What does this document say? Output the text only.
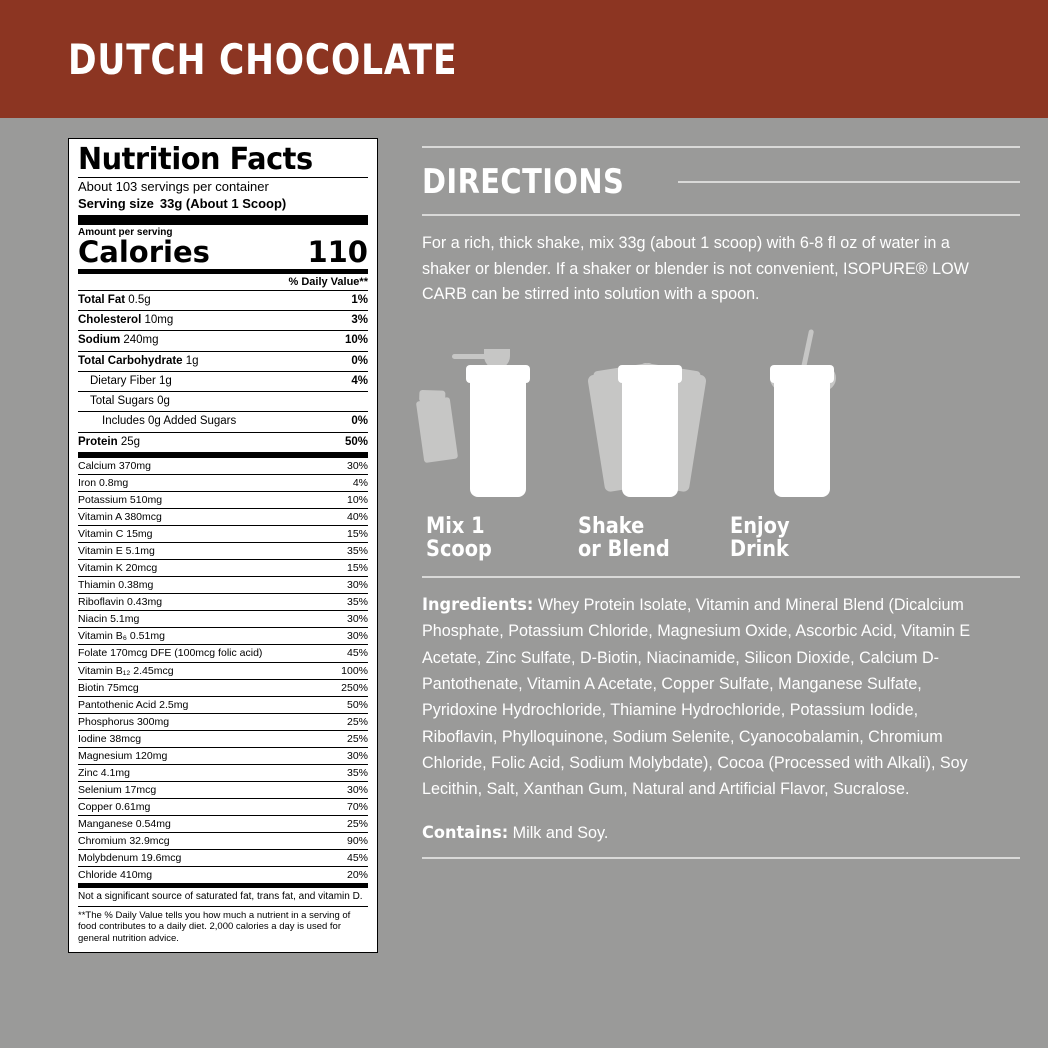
DUTCH CHOCOLATE
Nutrition Facts
About 103 servings per container
Serving size 33g (About 1 Scoop)
Amount per serving
Calories	110
% Daily Value**
Total Fat 0.5g	1%
Cholesterol 10mg	3%
Sodium 240mg	10%
Total Carbohydrate 1g	0%
Dietary Fiber 1g	4%
Total Sugars 0g
Includes 0g Added Sugars	0%
Protein 25g	50%
Calcium 370mg	30%
Iron 0.8mg	4%
Potassium 510mg	10%
Vitamin A 380mcg	40%
Vitamin C 15mg	15%
Vitamin E 5.1mg	35%
Vitamin K 20mcg	15%
Thiamin 0.38mg	30%
Riboflavin 0.43mg	35%
Niacin 5.1mg	30%
Vitamin B₆ 0.51mg	30%
Folate 170mcg DFE (100mcg folic acid)	45%
Vitamin B₁₂ 2.45mcg	100%
Biotin 75mcg	250%
Pantothenic Acid 2.5mg	50%
Phosphorus 300mg	25%
Iodine 38mcg	25%
Magnesium 120mg	30%
Zinc 4.1mg	35%
Selenium 17mcg	30%
Copper 0.61mg	70%
Manganese 0.54mg	25%
Chromium 32.9mcg	90%
Molybdenum 19.6mcg	45%
Chloride 410mg	20%
Not a significant source of saturated fat, trans fat, and vitamin D.
**The % Daily Value tells you how much a nutrient in a serving of food contributes to a daily diet. 2,000 calories a day is used for general nutrition advice.
DIRECTIONS

For a rich, thick shake, mix 33g (about 1 scoop) with 6-8 fl oz of water in a shaker or blender. If a shaker or blender is not convenient, ISOPURE® LOW CARB can be stirred into solution with a spoon.

Mix 1
Scoop
Shake
or Blend
Enjoy
Drink

Ingredients: Whey Protein Isolate, Vitamin and Mineral Blend (Dicalcium Phosphate, Potassium Chloride, Magnesium Oxide, Ascorbic Acid, Vitamin E Acetate, Zinc Sulfate, D-Biotin, Niacinamide, Silicon Dioxide, Calcium D-Pantothenate, Vitamin A Acetate, Copper Sulfate, Manganese Sulfate, Pyridoxine Hydrochloride, Thiamine Hydrochloride, Potassium Iodide, Riboflavin, Phylloquinone, Sodium Selenite, Cyanocobalamin, Chromium Chloride, Folic Acid, Sodium Molybdate), Cocoa (Processed with Alkali), Soy Lecithin, Salt, Xanthan Gum, Natural and Artificial Flavor, Sucralose.

Contains: Milk and Soy.
